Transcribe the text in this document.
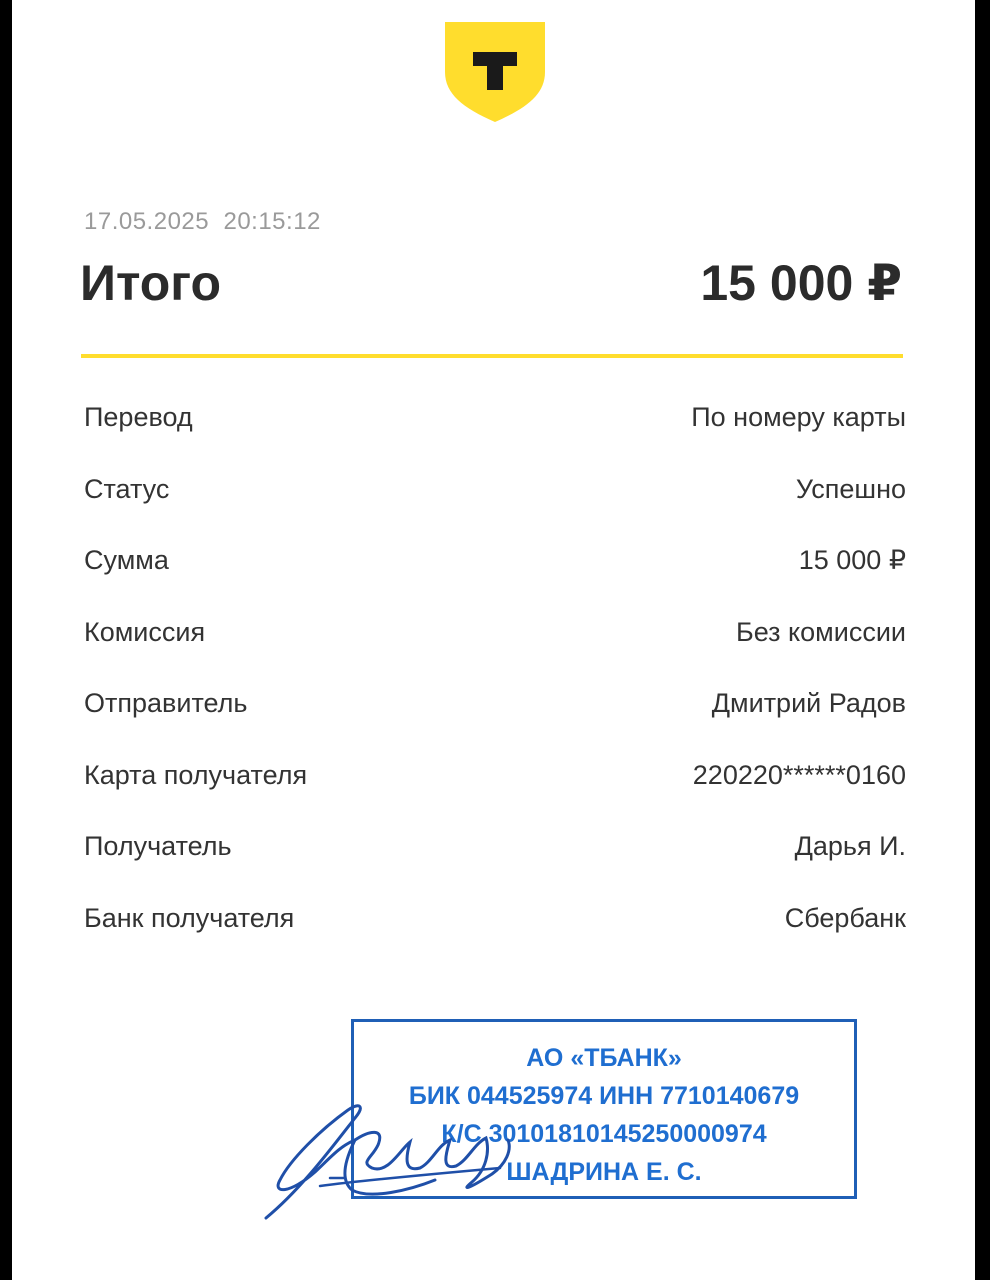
17.05.2025 20:15:12
Итого	15 000 ₽
Перевод	По номеру карты
Статус	Успешно
Сумма	15 000 ₽
Комиссия	Без комиссии
Отправитель	Дмитрий Радов
Карта получателя	220220******0160
Получатель	Дарья И.
Банк получателя	Сбербанк
АО «ТБАНК»
БИК 044525974 ИНН 7710140679
К/С 30101810145250000974
ШАДРИНА Е. С.
